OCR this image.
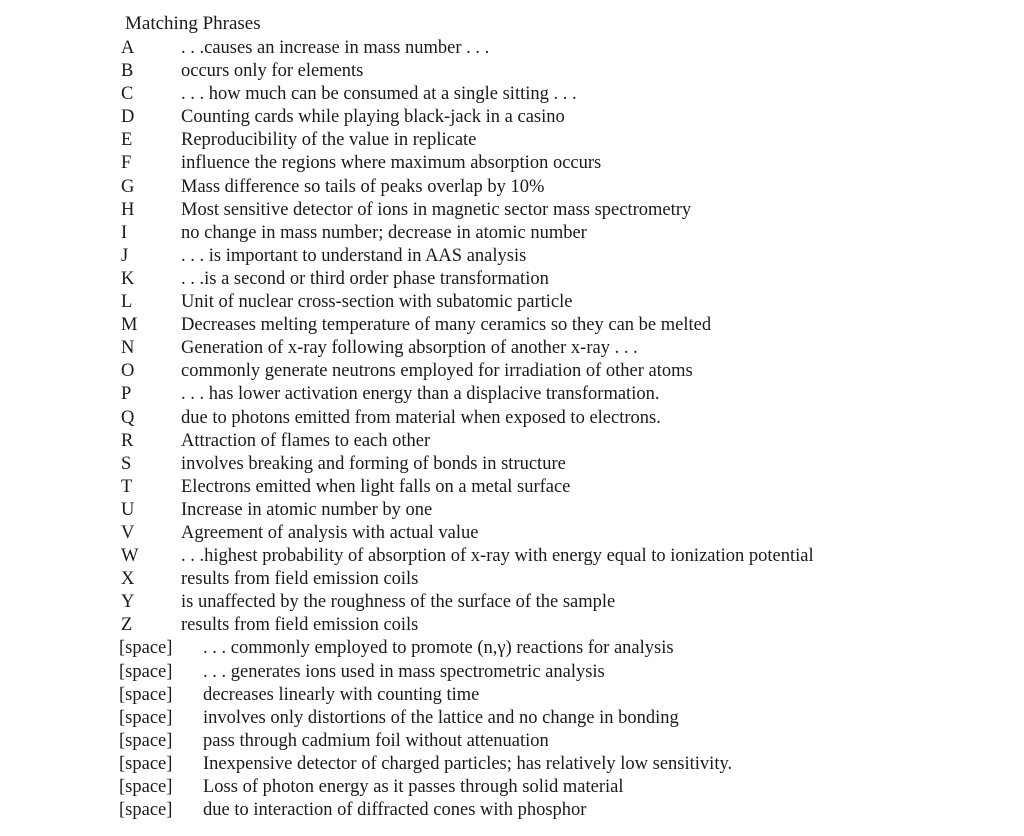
Matching Phrases
A	. . .causes an increase in mass number . . .
B	occurs only for elements
C	. . . how much can be consumed at a single sitting . . .
D	Counting cards while playing black-jack in a casino
E	Reproducibility of the value in replicate
F	influence the regions where maximum absorption occurs
G	Mass difference so tails of peaks overlap by 10%
H	Most sensitive detector of ions in magnetic sector mass spectrometry
I	no change in mass number; decrease in atomic number
J	. . . is important to understand in AAS analysis
K	. . .is a second or third order phase transformation
L	Unit of nuclear cross-section with subatomic particle
M Decreases melting temperature of many ceramics so they can be melted
N	Generation of x-ray following absorption of another x-ray . . .
O	commonly generate neutrons employed for irradiation of other atoms
P	. . . has lower activation energy than a displacive transformation.
Q	due to photons emitted from material when exposed to electrons.
R	Attraction of flames to each other
S	involves breaking and forming of bonds in structure
T	Electrons emitted when light falls on a metal surface
U	Increase in atomic number by one
V	Agreement of analysis with actual value
W . . .highest probability of absorption of x-ray with energy equal to ionization potential
X	results from field emission coils
Y	is unaffected by the roughness of the surface of the sample
Z	results from field emission coils
[space] . . . commonly employed to promote (n,γ) reactions for analysis
[space] . . . generates ions used in mass spectrometric analysis
[space] decreases linearly with counting time
[space] involves only distortions of the lattice and no change in bonding
[space] pass through cadmium foil without attenuation
[space] Inexpensive detector of charged particles; has relatively low sensitivity.
[space] Loss of photon energy as it passes through solid material
[space] due to interaction of diffracted cones with phosphor
